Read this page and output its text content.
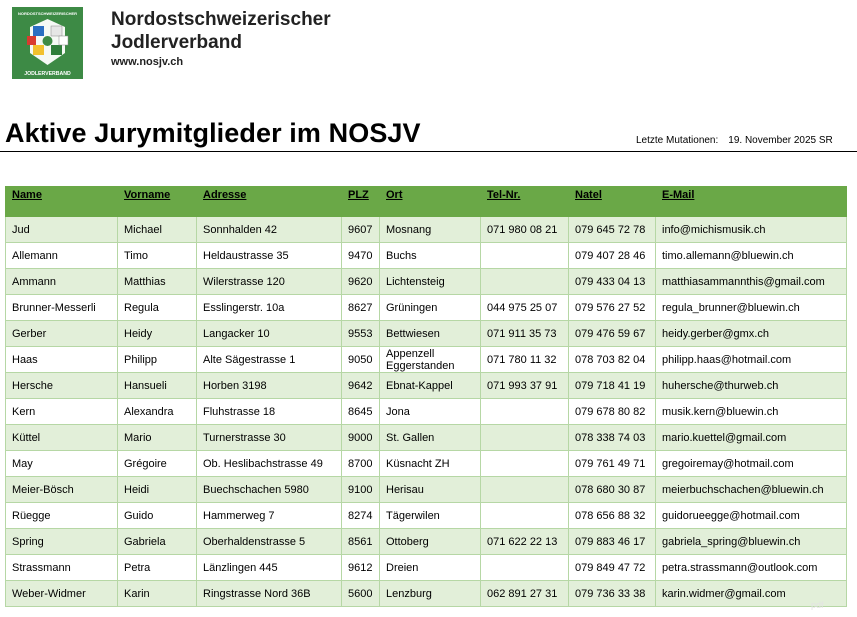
NORDOSTSCHWEIZERISCHER
JODLERVERBAND
Nordostschweizerischer
Jodlerverband
www.nosjv.ch
Aktive Jurymitglieder im NOSJV	Letzte Mutationen: 19. November 2025 SR
Name	Vorname	Adresse	PLZ	Ort	Tel-Nr.	Natel	E-Mail
Jud	Michael	Sonnhalden 42	9607	Mosnang	071 980 08 21	079 645 72 78	info@michismusik.ch
Allemann	Timo	Heldaustrasse 35	9470	Buchs		079 407 28 46	timo.allemann@bluewin.ch
Ammann	Matthias	Wilerstrasse 120	9620	Lichtensteig		079 433 04 13	matthiasammannthis@gmail.com
Brunner-Messerli	Regula	Esslingerstr. 10a	8627	Grüningen	044 975 25 07	079 576 27 52	regula_brunner@bluewin.ch
Gerber	Heidy	Langacker 10	9553	Bettwiesen	071 911 35 73	079 476 59 67	heidy.gerber@gmx.ch
Haas	Philipp	Alte Sägestrasse 1	9050	Appenzell Eggerstanden	071 780 11 32	078 703 82 04	philipp.haas@hotmail.com
Hersche	Hansueli	Horben 3198	9642	Ebnat-Kappel	071 993 37 91	079 718 41 19	huhersche@thurweb.ch
Kern	Alexandra	Fluhstrasse 18	8645	Jona		079 678 80 82	musik.kern@bluewin.ch
Küttel	Mario	Turnerstrasse 30	9000	St. Gallen		078 338 74 03	mario.kuettel@gmail.com
May	Grégoire	Ob. Heslibachstrasse 49	8700	Küsnacht ZH		079 761 49 71	gregoiremay@hotmail.com
Meier-Bösch	Heidi	Buechschachen 5980	9100	Herisau		078 680 30 87	meierbuchschachen@bluewin.ch
Rüegge	Guido	Hammerweg 7	8274	Tägerwilen		078 656 88 32	guidorueegge@hotmail.com
Spring	Gabriela	Oberhaldenstrasse 5	8561	Ottoberg	071 622 22 13	079 883 46 17	gabriela_spring@bluewin.ch
Strassmann	Petra	Länzlingen 445	9612	Dreien		079 849 47 72	petra.strassmann@outlook.com
Weber-Widmer	Karin	Ringstrasse Nord 36B	5600	Lenzburg	062 891 27 31	079 736 33 38	karin.widmer@gmail.com
pdf
